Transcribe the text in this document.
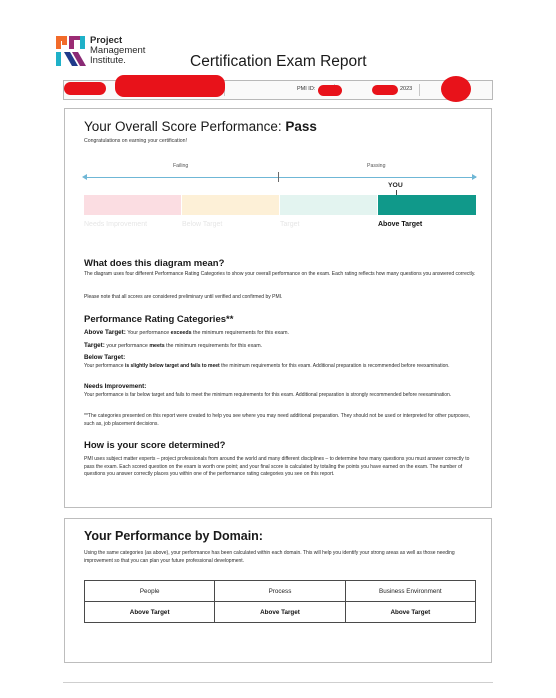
Project
Management
Institute.	Certification Exam Report
PMI ID:	2023
Your Overall Score Performance: Pass
Congratulations on earning your certification!
Failing	Passing
YOU
Needs Improvement	Below Target	Target	Above Target
What does this diagram mean?
The diagram uses four different Performance Rating Categories to show your overall performance on the exam. Each rating reflects how many questions you answered correctly.
Please note that all scores are considered preliminary until verified and confirmed by PMI.
Performance Rating Categories**
Above Target: Your performance exceeds the minimum requirements for this exam.
Target: your performance meets the minimum requirements for this exam.
Below Target:
Your performance is slightly below target and fails to meet the minimum requirements for this exam. Additional preparation is recommended before reexamination.
Needs Improvement:
Your performance is far below target and fails to meet the minimum requirements for this exam. Additional preparation is strongly recommended before reexamination.
**The categories presented on this report were created to help you see where you may need additional preparation. They should not be used or interpreted for other purposes, such as, job placement decisions.
How is your score determined?
PMI uses subject matter experts – project professionals from around the world and many different disciplines – to determine how many questions you must answer correctly to pass the exam. Each scored question on the exam is worth one point; and your final score is calculated by totaling the points you have earned on the exam. The number of questions you answer correctly places you within one of the performance rating categories you see on this report.
Your Performance by Domain:
Using the same categories (as above), your performance has been calculated within each domain. This will help you identify your strong areas as well as those needing improvement so that you can plan your future professional development.
People	Process	Business Environment
Above Target	Above Target	Above Target
